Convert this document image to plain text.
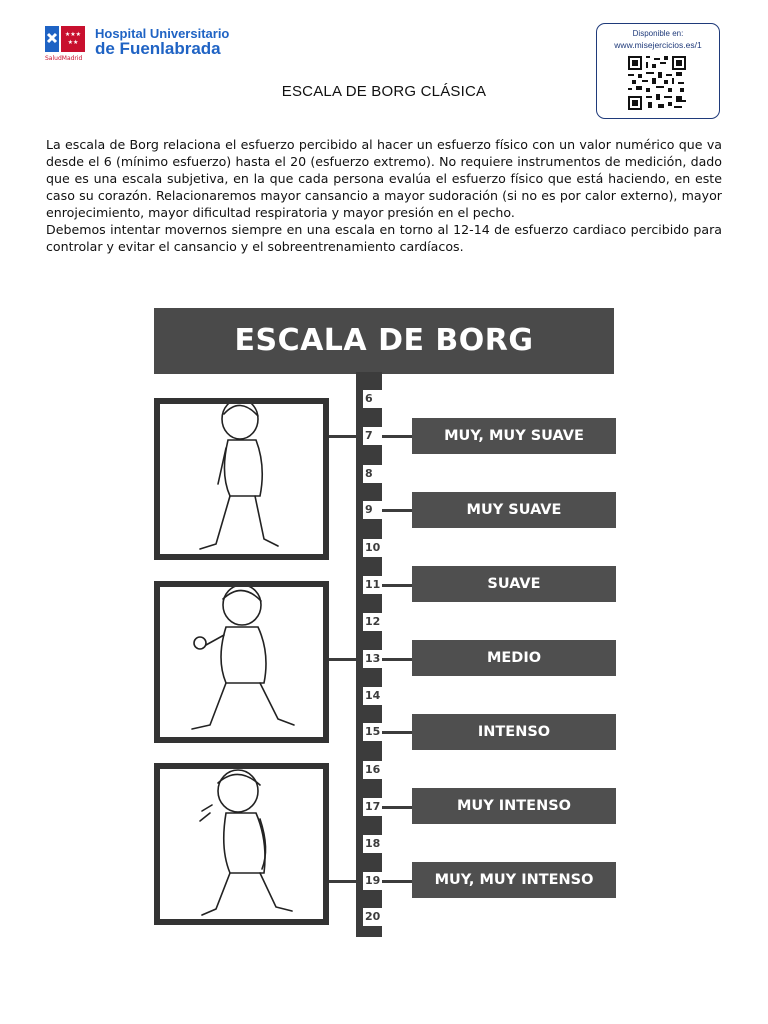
★★★
★★
SaludMadrid
Hospital Universitario
de Fuenlabrada
Disponible en:
www.misejercicios.es/1
ESCALA DE BORG CLÁSICA

La escala de Borg relaciona el esfuerzo percibido al hacer un esfuerzo físico con un valor numérico que va desde el 6 (mínimo esfuerzo) hasta el 20 (esfuerzo extremo). No requiere instrumentos de medición, dado que es una escala subjetiva, en la que cada persona evalúa el esfuerzo físico que está haciendo, en este caso su corazón. Relacionaremos mayor cansancio a mayor sudoración (si no es por calor externo), mayor enrojecimiento, mayor dificultad respiratoria y mayor presión en el pecho.

Debemos intentar movernos siempre en una escala en torno al 12-14 de esfuerzo cardiaco percibido para controlar y evitar el cansancio y el sobreentrenamiento cardíacos.

ESCALA DE BORG
6
7
8
9
10
11
12
13
14
15
16
17
18
19
20
MUY, MUY SUAVE
MUY SUAVE
SUAVE
MEDIO
INTENSO
MUY INTENSO
MUY, MUY INTENSO
